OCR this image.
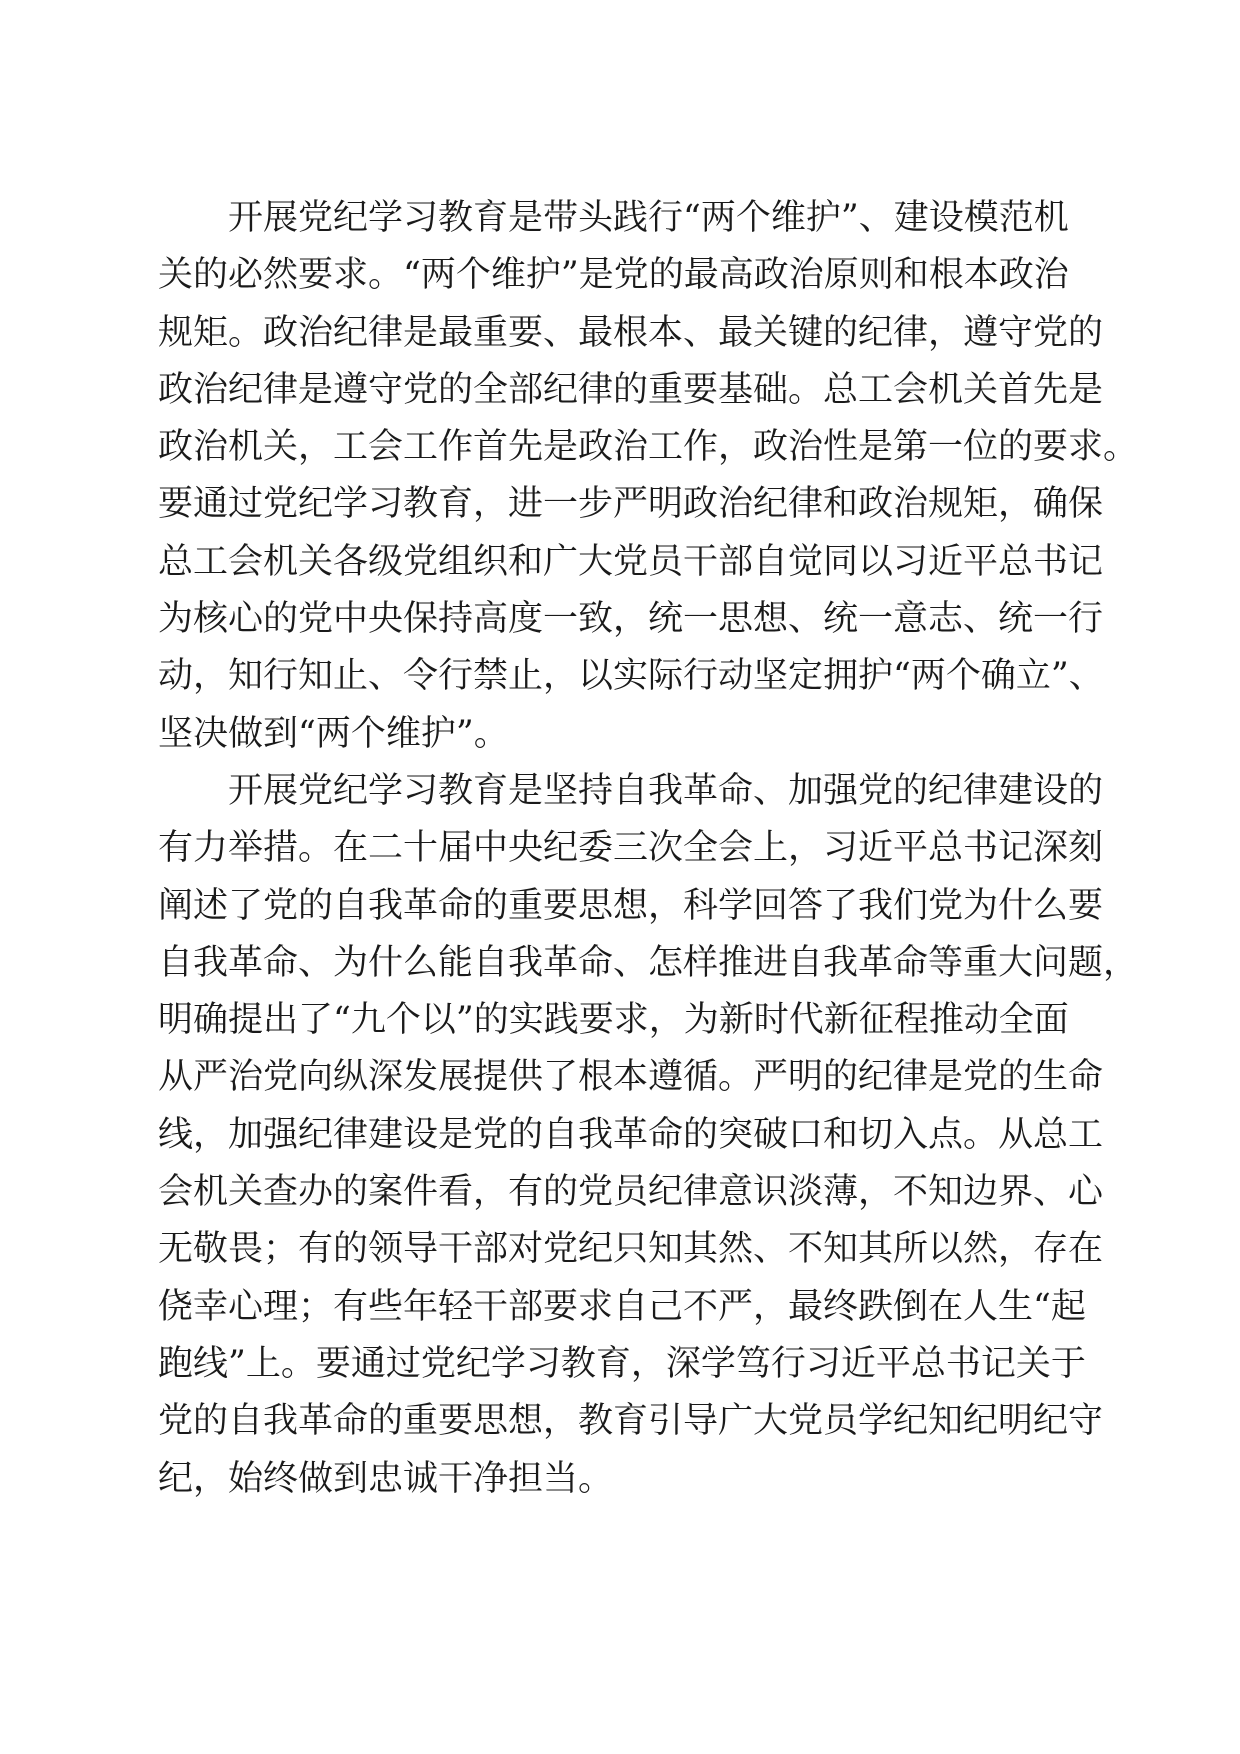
开展党纪学习教育是带头践行“两个维护”、建设模范机
关的必然要求。“两个维护”是党的最高政治原则和根本政治
规矩。政治纪律是最重要、最根本、最关键的纪律，遵守党的
政治纪律是遵守党的全部纪律的重要基础。总工会机关首先是
政治机关，工会工作首先是政治工作，政治性是第一位的要求。
要通过党纪学习教育，进一步严明政治纪律和政治规矩，确保
总工会机关各级党组织和广大党员干部自觉同以习近平总书记
为核心的党中央保持高度一致，统一思想、统一意志、统一行
动，知行知止、令行禁止，以实际行动坚定拥护“两个确立”、
坚决做到“两个维护”。

开展党纪学习教育是坚持自我革命、加强党的纪律建设的
有力举措。在二十届中央纪委三次全会上，习近平总书记深刻
阐述了党的自我革命的重要思想，科学回答了我们党为什么要
自我革命、为什么能自我革命、怎样推进自我革命等重大问题，
明确提出了“九个以”的实践要求，为新时代新征程推动全面
从严治党向纵深发展提供了根本遵循。严明的纪律是党的生命
线，加强纪律建设是党的自我革命的突破口和切入点。从总工
会机关查办的案件看，有的党员纪律意识淡薄，不知边界、心
无敬畏；有的领导干部对党纪只知其然、不知其所以然，存在
侥幸心理；有些年轻干部要求自己不严，最终跌倒在人生“起
跑线”上。要通过党纪学习教育，深学笃行习近平总书记关于
党的自我革命的重要思想，教育引导广大党员学纪知纪明纪守
纪，始终做到忠诚干净担当。
